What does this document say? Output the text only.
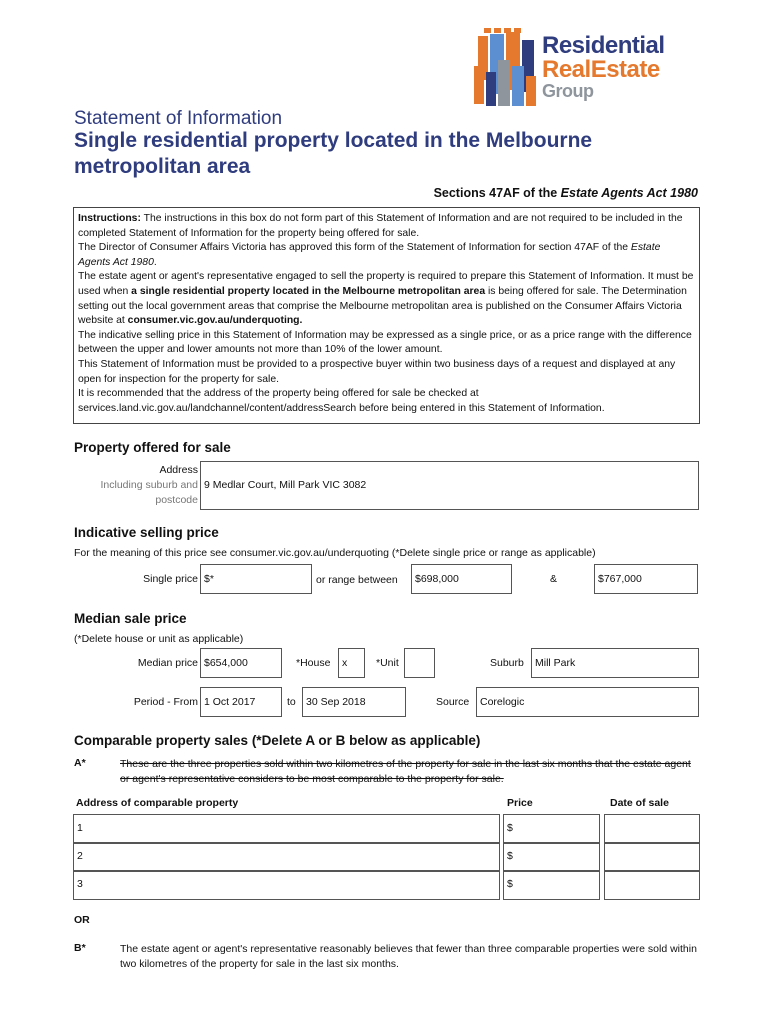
Residential
RealEstate
Group
Statement of Information
Single residential property located in the Melbourne metropolitan area
Sections 47AF of the Estate Agents Act 1980

Instructions: The instructions in this box do not form part of this Statement of Information and are not required to be included in the completed Statement of Information for the property being offered for sale.

The Director of Consumer Affairs Victoria has approved this form of the Statement of Information for section 47AF of the Estate Agents Act 1980.

The estate agent or agent's representative engaged to sell the property is required to prepare this Statement of Information. It must be used when a single residential property located in the Melbourne metropolitan area is being offered for sale. The Determination setting out the local government areas that comprise the Melbourne metropolitan area is published on the Consumer Affairs Victoria website at consumer.vic.gov.au/underquoting.

The indicative selling price in this Statement of Information may be expressed as a single price, or as a price range with the difference between the upper and lower amounts not more than 10% of the lower amount.

This Statement of Information must be provided to a prospective buyer within two business days of a request and displayed at any open for inspection for the property for sale.

It is recommended that the address of the property being offered for sale be checked at services.land.vic.gov.au/landchannel/content/addressSearch before being entered in this Statement of Information.

Property offered for sale
Address
Including suburb and
postcode
9 Medlar Court, Mill Park VIC 3082
Indicative selling price
For the meaning of this price see consumer.vic.gov.au/underquoting (*Delete single price or range as applicable)
Single price $*	or range between	$698,000	&	$767,000
Median sale price
(*Delete house or unit as applicable)
Median price $654,000	*House	x	*Unit	Suburb	Mill Park
Period - From 1 Oct 2017	to 30 Sep 2018	Source	Corelogic
Comparable property sales (*Delete A or B below as applicable)
A*	These are the three properties sold within two kilometres of the property for sale in the last six months that the estate agent or agent's representative considers to be most comparable to the property for sale.
Address of comparable property	Price	Date of sale
1	$
2	$
3	$
OR
B*	The estate agent or agent's representative reasonably believes that fewer than three comparable properties were sold within two kilometres of the property for sale in the last six months.
